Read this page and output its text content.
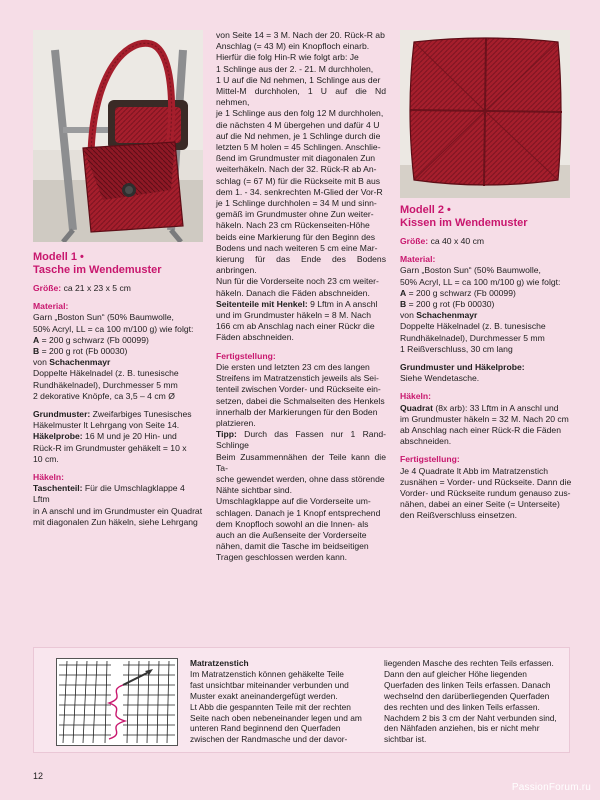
Modell 1 •
Tasche im Wendemuster

Größe: ca 21 x 23 x 5 cm

Material:

Garn „Boston Sun“ (50% Baumwolle,

50% Acryl, LL = ca 100 m/100 g) wie folgt:

A = 200 g schwarz (Fb 00099)

B = 200 g rot (Fb 00030)

von Schachenmayr

Doppelte Häkelnadel (z. B. tunesische

Rundhäkelnadel), Durchmesser 5 mm

2 dekorative Knöpfe, ca 3,5 – 4 cm Ø

Grundmuster: Zweifarbiges Tunesisches

Häkelmuster lt Lehrgang von Seite 14.

Häkelprobe: 16 M und je 20 Hin- und

Rück-R im Grundmuster gehäkelt = 10 x

10 cm.

Häkeln:

Taschenteil: Für die Umschlagklappe 4 Lftm

in A anschl und im Grundmuster ein Quadrat

mit diagonalen Zun häkeln, siehe Lehrgang

von Seite 14 = 3 M. Nach der 20. Rück-R ab

Anschlag (= 43 M) ein Knopfloch einarb.

Hierfür die folg Hin-R wie folgt arb: Je

1 Schlinge aus der 2. - 21. M durchholen,

1 U auf die Nd nehmen, 1 Schlinge aus der

Mittel-M durchholen, 1 U auf die Nd nehmen,

je 1 Schlinge aus den folg 12 M durchholen,

die nächsten 4 M übergehen und dafür 4 U

auf die Nd nehmen, je 1 Schlinge durch die

letzten 5 M holen = 45 Schlingen. Anschlie-

ßend im Grundmuster mit diagonalen Zun

weiterhäkeln. Nach der 32. Rück-R ab An-

schlag (= 67 M) für die Rückseite mit B aus

dem 1. - 34. senkrechten M-Glied der Vor-R

je 1 Schlinge durchholen = 34 M und sinn-

gemäß im Grundmuster ohne Zun weiter-

häkeln. Nach 23 cm Rückenseiten-Höhe

beids eine Markierung für den Beginn des

Bodens und nach weiteren 5 cm eine Mar-

kierung für das Ende des Bodens anbringen.

Nun für die Vorderseite noch 23 cm weiter-

häkeln. Danach die Fäden abschneiden.

Seitenteile mit Henkel: 9 Lftm in A anschl

und im Grundmuster häkeln = 8 M. Nach

166 cm ab Anschlag nach einer Rückr die

Fäden abschneiden.

Fertigstellung:

Die ersten und letzten 23 cm des langen

Streifens im Matratzenstich jeweils als Sei-

tenteil zwischen Vorder- und Rückseite ein-

setzen, dabei die Schmalseiten des Henkels

innerhalb der Markierungen für den Boden

platzieren.

Tipp: Durch das Fassen nur 1 Rand-Schlinge

Beim Zusammennähen der Teile kann die Ta-

sche gewendet werden, ohne dass störende

Nähte sichtbar sind.

Umschlagklappe auf die Vorderseite um-

schlagen. Danach je 1 Knopf entsprechend

dem Knopfloch sowohl an die Innen- als

auch an die Außenseite der Vorderseite

nähen, damit die Tasche im beidseitigen

Tragen geschlossen werden kann.

Modell 2 •
Kissen im Wendemuster

Größe: ca 40 x 40 cm

Material:

Garn „Boston Sun“ (50% Baumwolle,

50% Acryl, LL = ca 100 m/100 g) wie folgt:

A = 200 g schwarz (Fb 00099)

B = 200 g rot (Fb 00030)

von Schachenmayr

Doppelte Häkelnadel (z. B. tunesische

Rundhäkelnadel), Durchmesser 5 mm

1 Reißverschluss, 30 cm lang

Grundmuster und Häkelprobe:

Siehe Wendetasche.

Häkeln:

Quadrat (8x arb): 33 Lftm in A anschl und

im Grundmuster häkeln = 32 M. Nach 20 cm

ab Anschlag nach einer Rück-R die Fäden

abschneiden.

Fertigstellung:

Je 4 Quadrate lt Abb im Matratzenstich

zusnähen = Vorder- und Rückseite. Dann die

Vorder- und Rückseite rundum genauso zus-

nähen, dabei an einer Seite (= Unterseite)

den Reißverschluss einsetzen.

Matratzenstich

Im Matratzenstich können gehäkelte Teile

fast unsichtbar miteinander verbunden und

Muster exakt aneinandergefügt werden.

Lt Abb die gespannten Teile mit der rechten

Seite nach oben nebeneinander legen und am

unteren Rand beginnend den Querfaden

zwischen der Randmasche und der davor-

liegenden Masche des rechten Teils erfassen.

Dann den auf gleicher Höhe liegenden

Querfaden des linken Teils erfassen. Danach

wechselnd den darüberliegenden Querfaden

des rechten und des linken Teils erfassen.

Nachdem 2 bis 3 cm der Naht verbunden sind,

den Nähfaden anziehen, bis er nicht mehr

sichtbar ist.

12
PassionForum.ru
